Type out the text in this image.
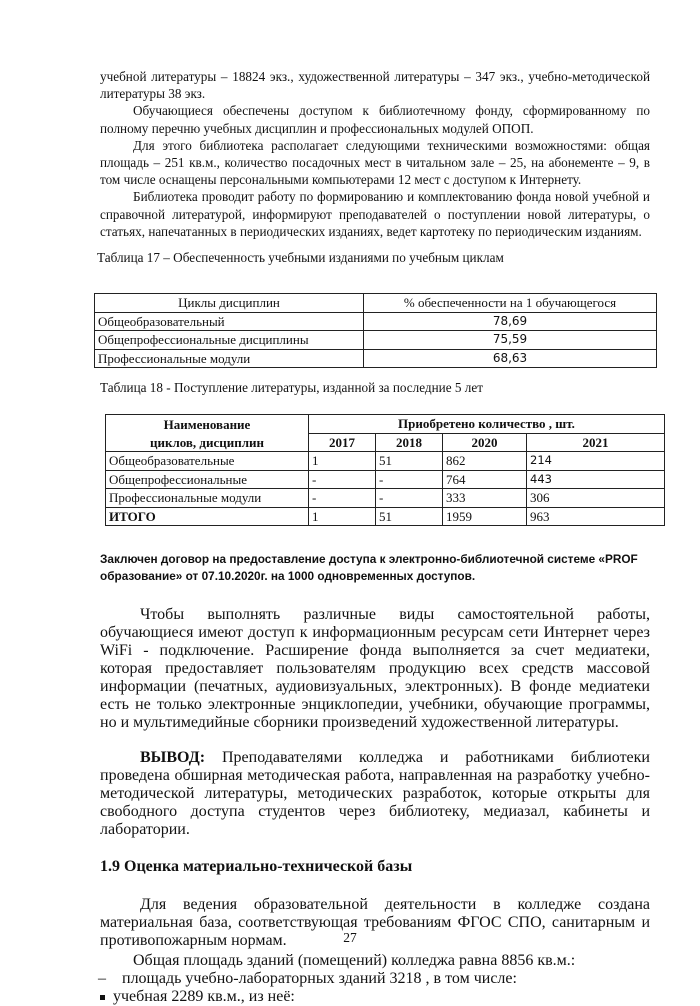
учебной литературы – 18824 экз., художественной литературы – 347 экз., учебно-методической литературы 38 экз.

Обучающиеся обеспечены доступом к библиотечному фонду, сформированному по полному перечню учебных дисциплин и профессиональных модулей ОПОП.

Для этого библиотека располагает следующими техническими возможностями: общая площадь – 251 кв.м., количество посадочных мест в читальном зале – 25, на абонементе – 9, в том числе оснащены персональными компьютерами 12 мест с доступом к Интернету.

Библиотека проводит работу по формированию и комплектованию фонда новой учебной и справочной литературой, информируют преподавателей о поступлении новой литературы, о статьях, напечатанных в периодических изданиях, ведет картотеку по периодическим изданиям.

Таблица 17 – Обеспеченность учебными изданиями по учебным циклам
Циклы дисциплин	% обеспеченности на 1 обучающегося
Общеобразовательный	78,69
Общепрофессиональные дисциплины	75,59
Профессиональные модули	68,63
Таблица 18 - Поступление литературы, изданной за последние 5 лет
Наименование	Приобретено количество , шт.			
циклов, дисциплин	2017	2018	2020	2021
Общеобразовательные	1	51	862	214
Общепрофессиональные	-	-	764	443
Профессиональные модули	-	-	333	306
ИТОГО	1	51	1959	963

Заключен договор на предоставление доступа к электронно-библиотечной системе «PROF образование» от 07.10.2020г. на 1000 одновременных доступов.

Чтобы выполнять различные виды самостоятельной работы, обучающиеся имеют доступ к информационным ресурсам сети Интернет через WiFi - подключение. Расширение фонда выполняется за счет медиатеки, которая предоставляет пользователям продукцию всех средств массовой информации (печатных, аудиовизуальных, электронных). В фонде медиатеки есть не только электронные энциклопедии, учебники, обучающие программы, но и мультимедийные сборники произведений художественной литературы.

ВЫВОД: Преподавателями колледжа и работниками библиотеки проведена обширная методическая работа, направленная на разработку учебно-методической литературы, методических разработок, которые открыты для свободного доступа студентов через библиотеку, медиазал, кабинеты и лаборатории.

1.9 Оценка материально-технической базы

Для ведения образовательной деятельности в колледже создана материальная база, соответствующая требованиям ФГОС СПО, санитарным и противопожарным нормам.

Общая площадь зданий (помещений) колледжа равна 8856 кв.м.:

–    площадь учебно-лабораторных зданий 3218 , в том числе:
учебная 2289 кв.м., из неё:
27
